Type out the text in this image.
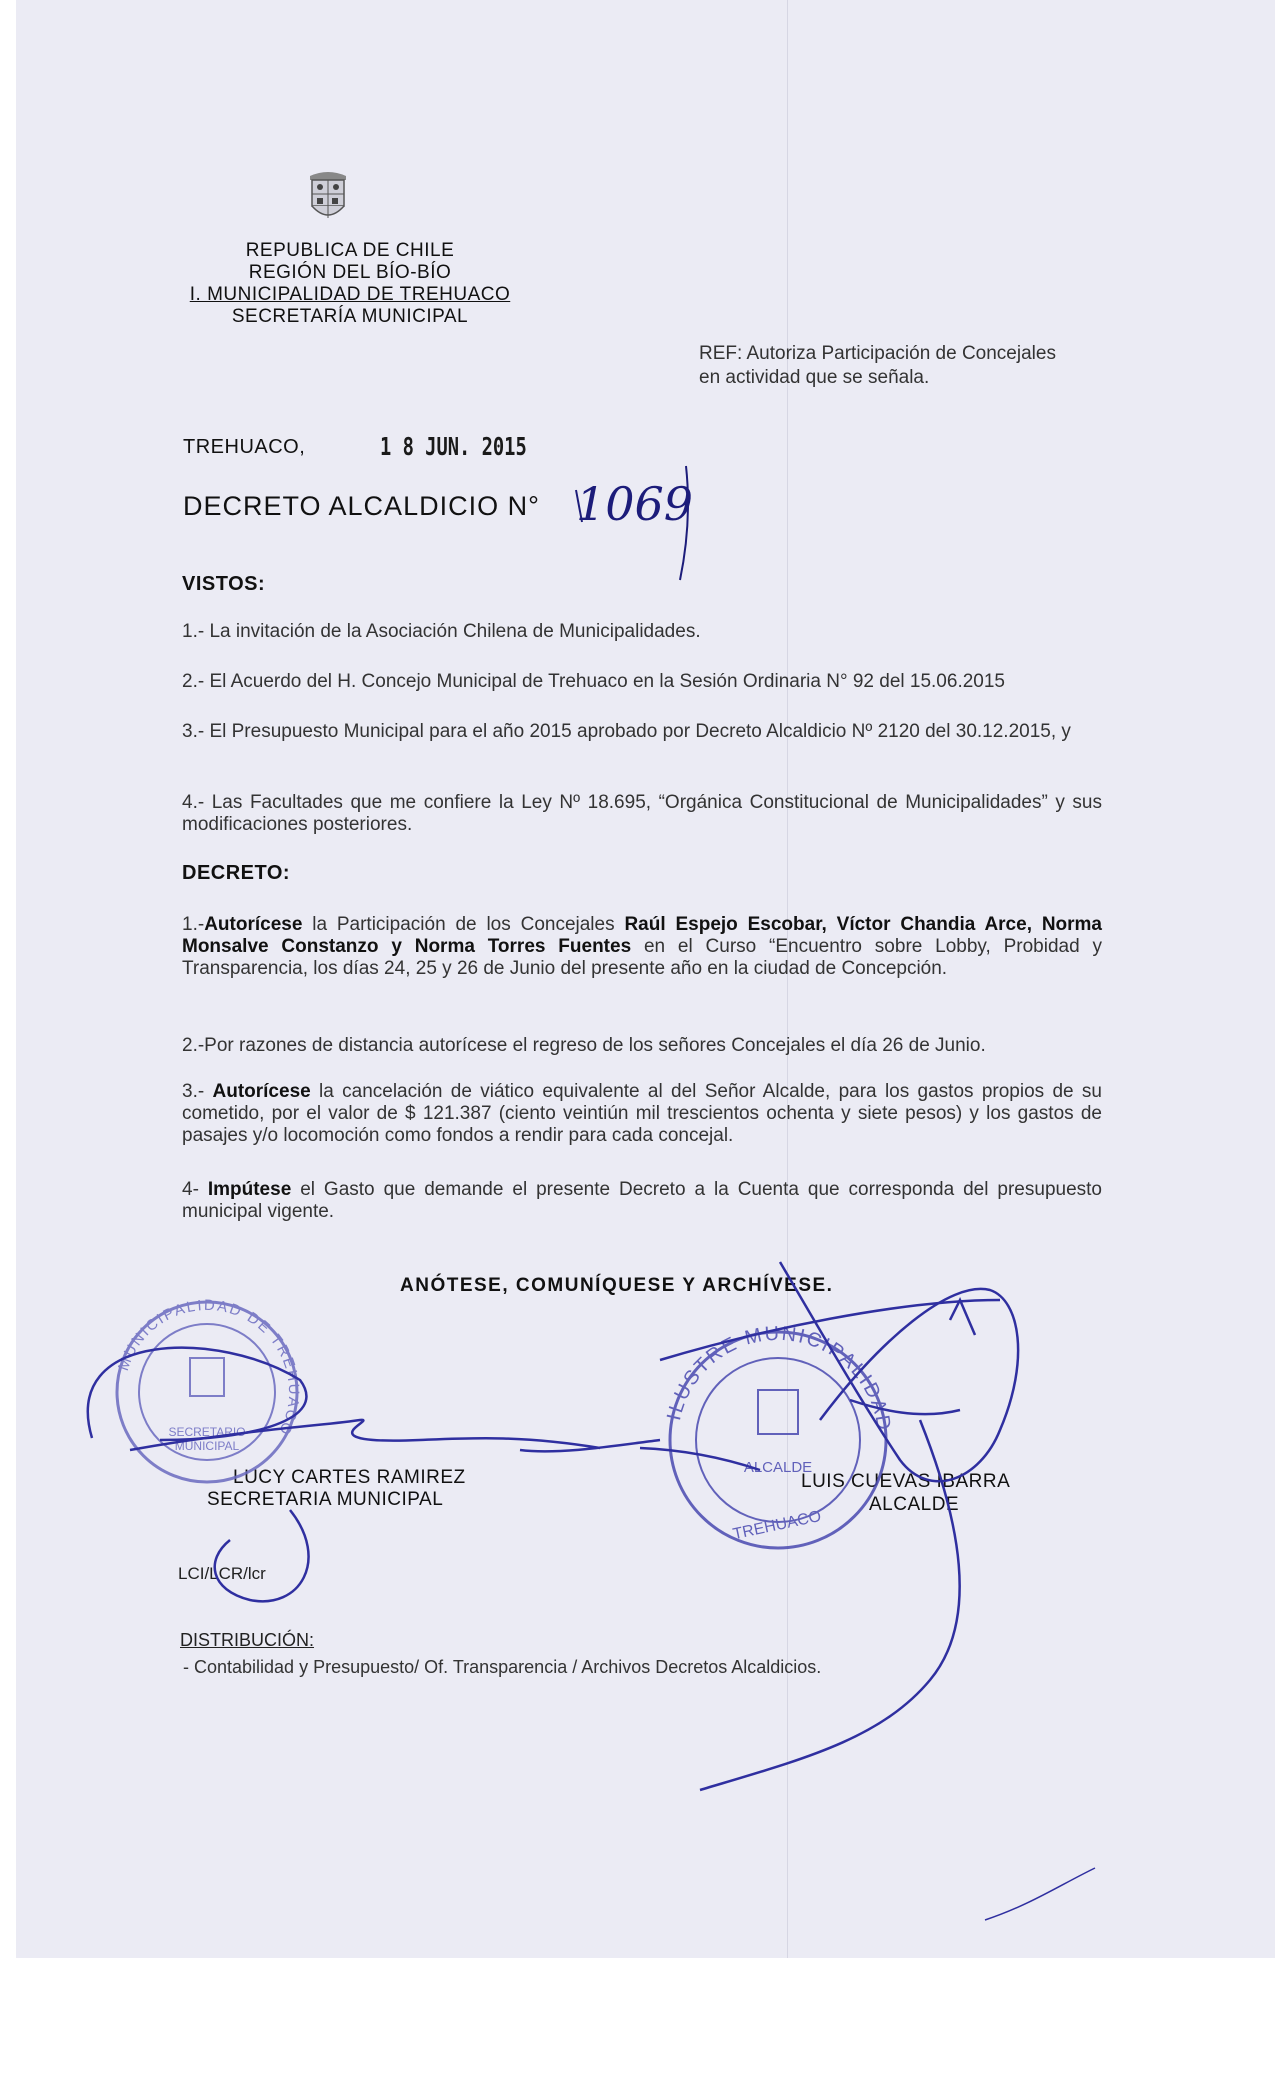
REPUBLICA DE CHILE
REGIÓN DEL BÍO-BÍO
I. MUNICIPALIDAD DE TREHUACO
SECRETARÍA MUNICIPAL
REF: Autoriza Participación de Concejales
en actividad que se señala.
TREHUACO,	1 8 JUN. 2015
DECRETO ALCALDICIO N° 1069
VISTOS:
1.- La invitación de la Asociación Chilena de Municipalidades.
2.- El Acuerdo del H. Concejo Municipal de Trehuaco en la Sesión Ordinaria N° 92 del 15.06.2015
3.- El Presupuesto Municipal para el año 2015 aprobado por Decreto Alcaldicio Nº 2120 del 30.12.2015, y
4.- Las Facultades que me confiere la Ley Nº 18.695, “Orgánica Constitucional de Municipalidades” y sus modificaciones posteriores.
DECRETO:
1.-Autorícese la Participación de los Concejales Raúl Espejo Escobar, Víctor Chandia Arce, Norma Monsalve Constanzo y Norma Torres Fuentes en el Curso “Encuentro sobre Lobby, Probidad y Transparencia, los días 24, 25 y 26 de Junio del presente año en la ciudad de Concepción.
2.-Por razones de distancia autorícese el regreso de los señores Concejales el día 26 de Junio.
3.- Autorícese la cancelación de viático equivalente al del Señor Alcalde, para los gastos propios de su cometido, por el valor de $ 121.387 (ciento veintiún mil trescientos ochenta y siete pesos) y los gastos de pasajes y/o locomoción como fondos a rendir para cada concejal.
4- Impútese el Gasto que demande el presente Decreto a la Cuenta que corresponda del presupuesto municipal vigente.
ANÓTESE, COMUNÍQUESE Y ARCHÍVESE.
LUCY CARTES RAMIREZ
SECRETARIA MUNICIPAL
LUIS CUEVAS IBARRA
ALCALDE
LCI/LCR/lcr
DISTRIBUCIÓN:
- Contabilidad y Presupuesto/ Of. Transparencia / Archivos Decretos Alcaldicios.
MUNICIPALIDAD DE TREHUACO
SECRETARIO
MUNICIPAL
ILUSTRE MUNICIPALIDAD
ALCALDE
TREHUACO
